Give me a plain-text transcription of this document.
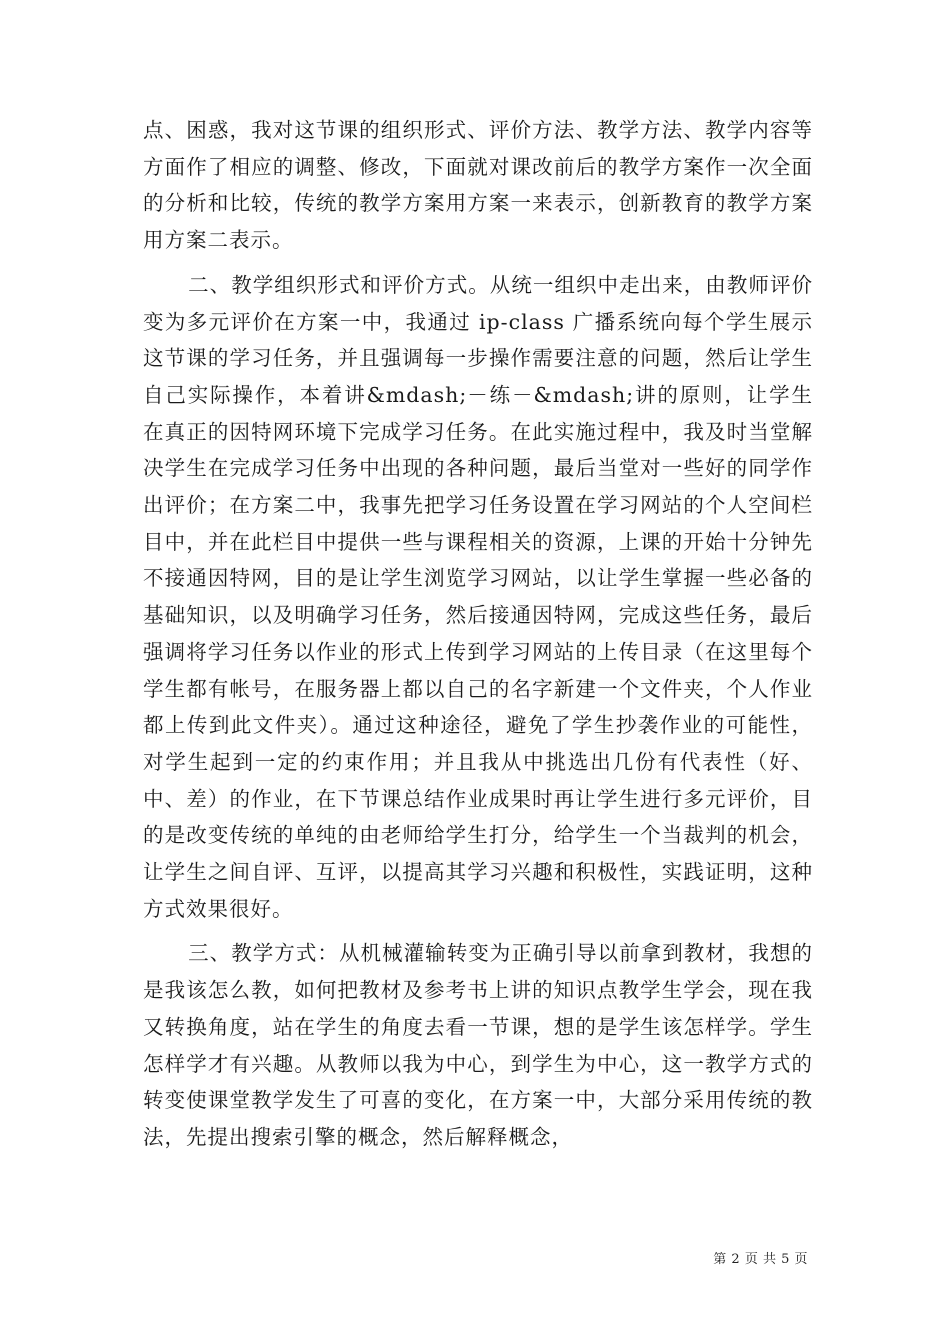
点、困惑，我对这节课的组织形式、评价方法、教学方法、教学内容等方面作了相应的调整、修改，下面就对课改前后的教学方案作一次全面的分析和比较，传统的教学方案用方案一来表示，创新教育的教学方案用方案二表示。

二、教学组织形式和评价方式。从统一组织中走出来，由教师评价变为多元评价在方案一中，我通过 ip-class 广播系统向每个学生展示这节课的学习任务，并且强调每一步操作需要注意的问题，然后让学生自己实际操作，本着讲&mdash;－练－&mdash;讲的原则，让学生在真正的因特网环境下完成学习任务。在此实施过程中，我及时当堂解决学生在完成学习任务中出现的各种问题，最后当堂对一些好的同学作出评价；在方案二中，我事先把学习任务设置在学习网站的个人空间栏目中，并在此栏目中提供一些与课程相关的资源，上课的开始十分钟先不接通因特网，目的是让学生浏览学习网站，以让学生掌握一些必备的基础知识，以及明确学习任务，然后接通因特网，完成这些任务，最后强调将学习任务以作业的形式上传到学习网站的上传目录（在这里每个学生都有帐号，在服务器上都以自己的名字新建一个文件夹，个人作业都上传到此文件夹）。通过这种途径，避免了学生抄袭作业的可能性，对学生起到一定的约束作用；并且我从中挑选出几份有代表性（好、中、差）的作业，在下节课总结作业成果时再让学生进行多元评价，目的是改变传统的单纯的由老师给学生打分，给学生一个当裁判的机会，让学生之间自评、互评，以提高其学习兴趣和积极性，实践证明，这种方式效果很好。

三、教学方式：从机械灌输转变为正确引导以前拿到教材，我想的是我该怎么教，如何把教材及参考书上讲的知识点教学生学会，现在我又转换角度，站在学生的角度去看一节课，想的是学生该怎样学。学生怎样学才有兴趣。从教师以我为中心，到学生为中心，这一教学方式的转变使课堂教学发生了可喜的变化，在方案一中，大部分采用传统的教法，先提出搜索引擎的概念，然后解释概念，

第 2 页 共 5 页
